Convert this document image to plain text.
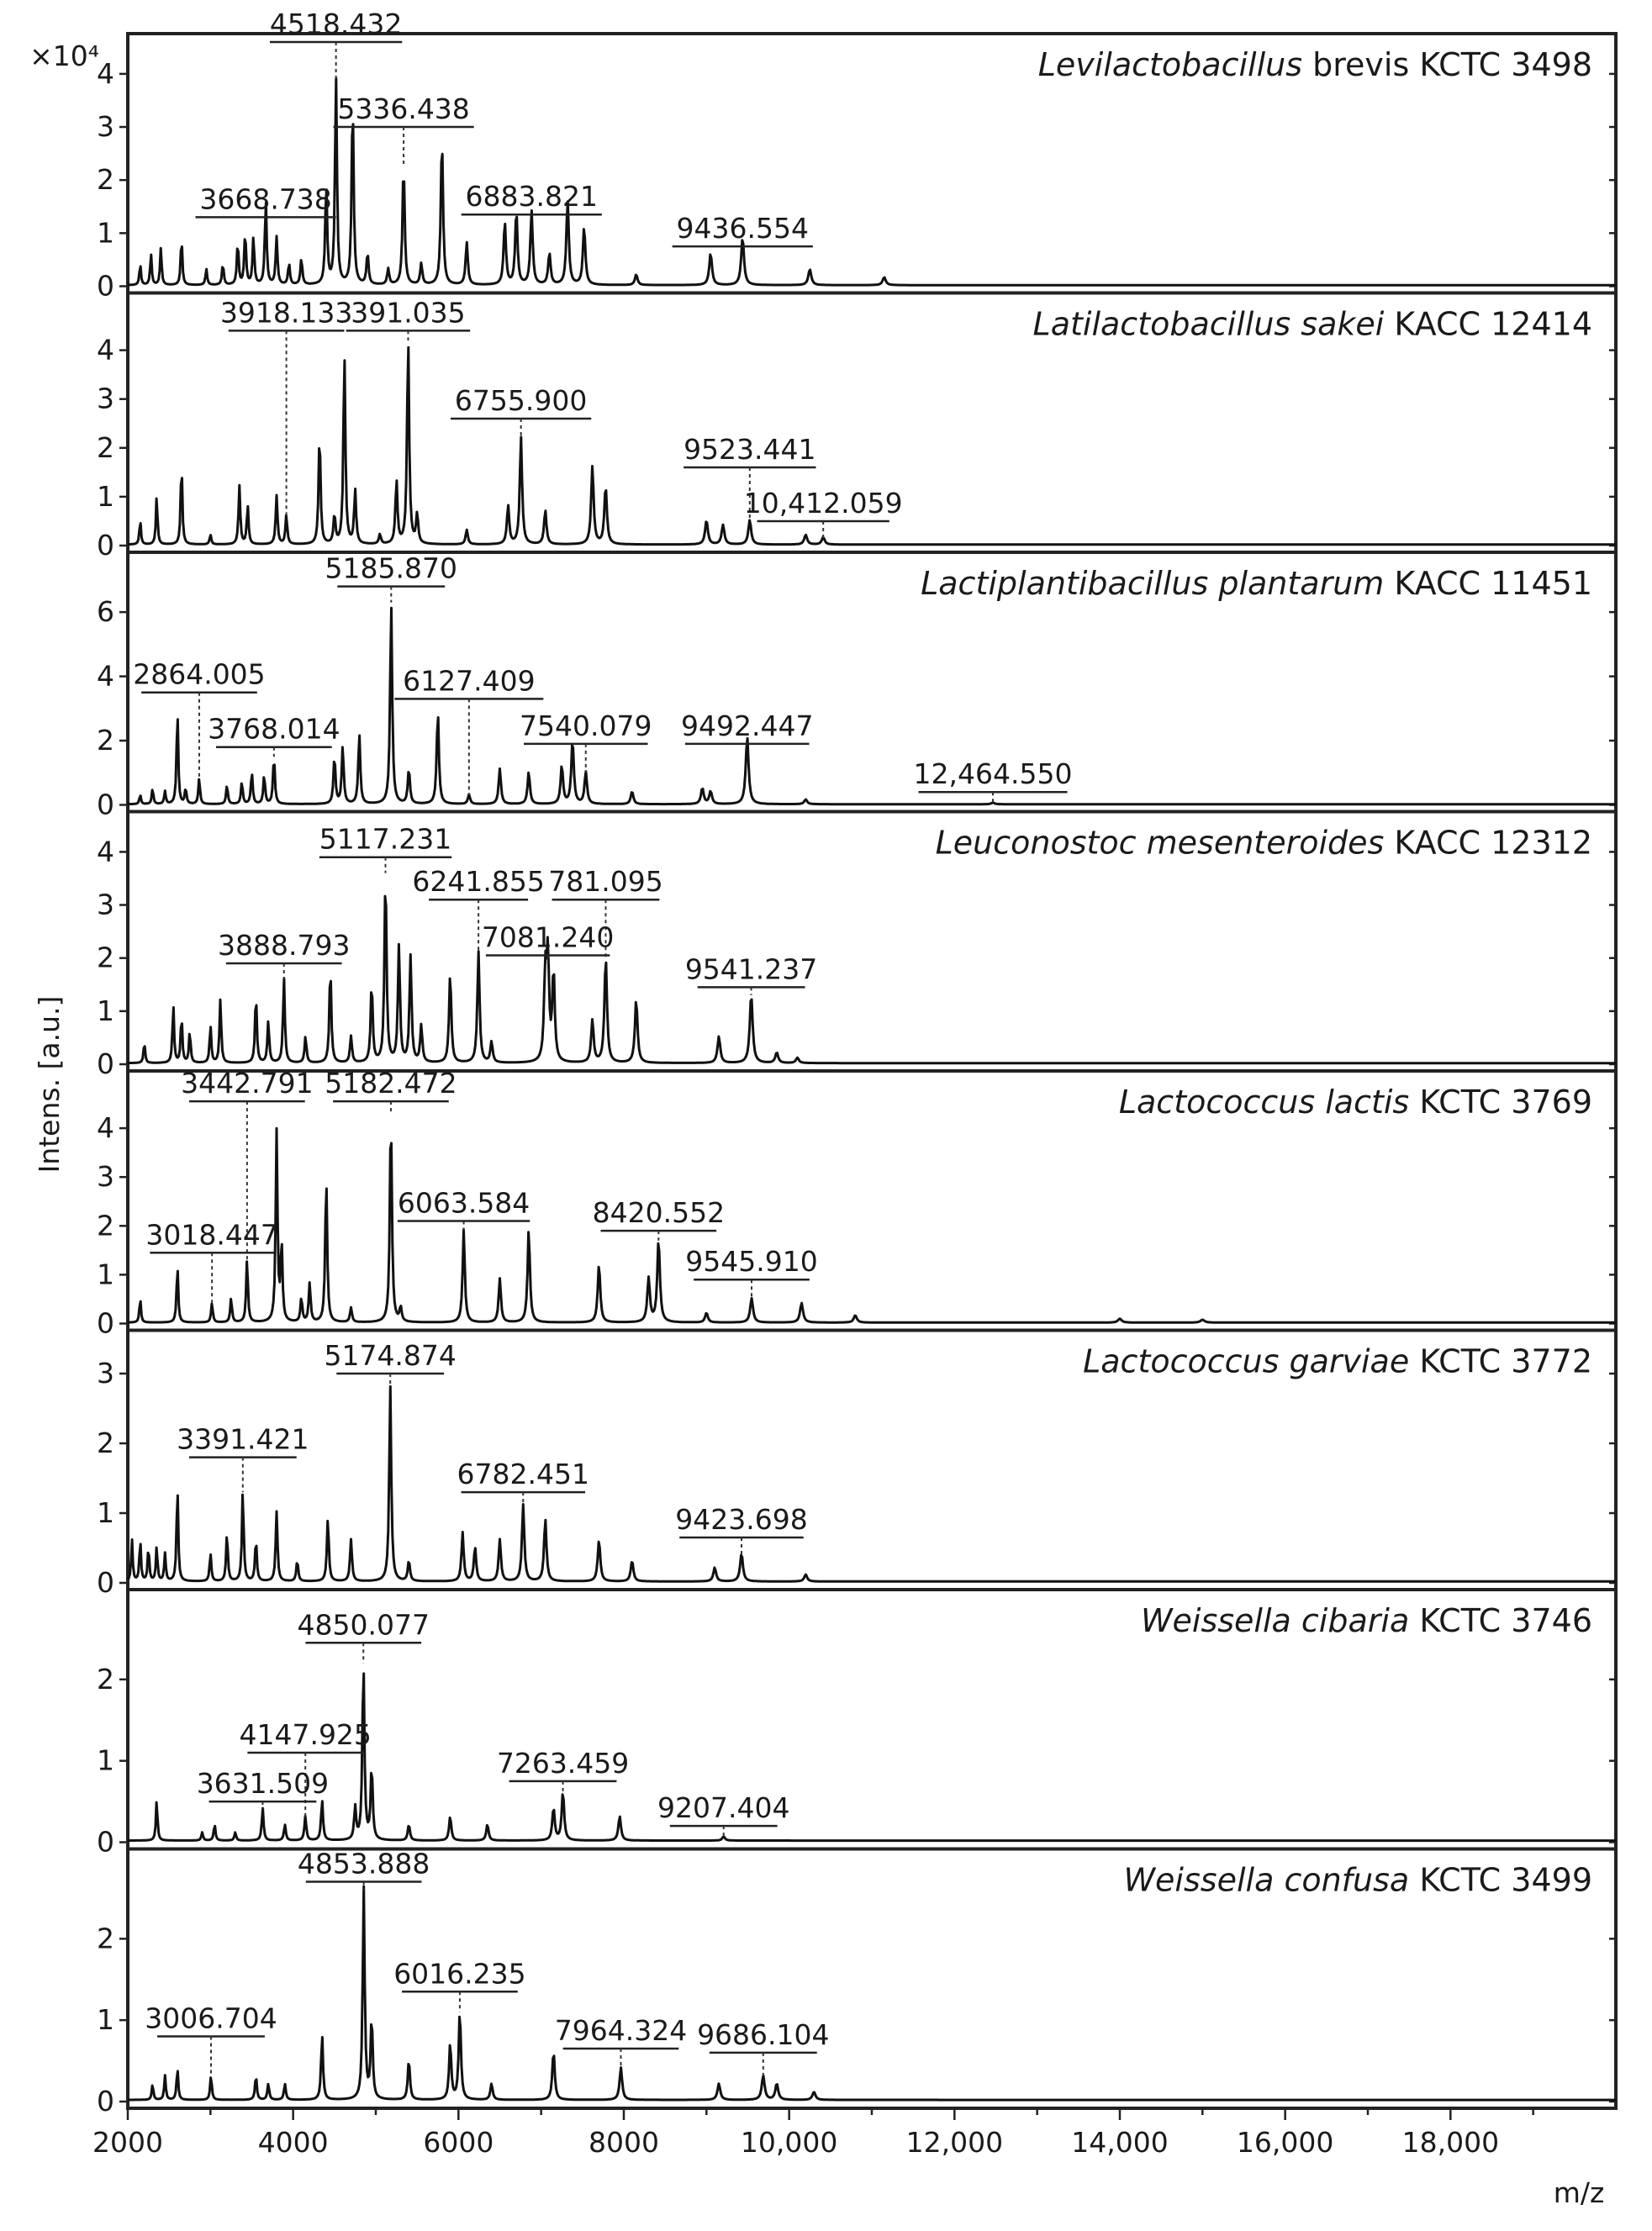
0
1
2
3
4
4518.432
5336.438
3668.738	6883.821
9436.554
Levilactobacillus brevis KCTC 3498
0
1
2
3
4
3918.133
391.035
6755.900
9523.441
10,412.059
Latilactobacillus sakei KACC 12414
0
2
4
6
5185.870
2864.005	6127.409
3768.014	7540.079 9492.447
12,464.550
Lactiplantibacillus plantarum KACC 11451
0
1
2
3
4	5117.231
6241.855 781.095
7081.240
3888.793
9541.237
Leuconostoc mesenteroides KACC 12312
0
1
2
3
4
3442.791 5182.472
6063.584 8420.552
3018.447
9545.910
Lactococcus lactis KCTC 3769
0
1
2
3
5174.874
3391.421
6782.451
9423.698
Lactococcus garviae KCTC 3772
0
1
2
4850.077
4147.925
7263.459
3631.509
9207.404
Weissella cibaria KCTC 3746
0
1
2
4853.888
6016.235
3006.704	7964.324 9686.104
Weissella confusa KCTC 3499
Intens. [a.u.]
m/z
×10⁴
2000	4000	6000	8000	10,000 12,000 14,000 16,000 18,000
